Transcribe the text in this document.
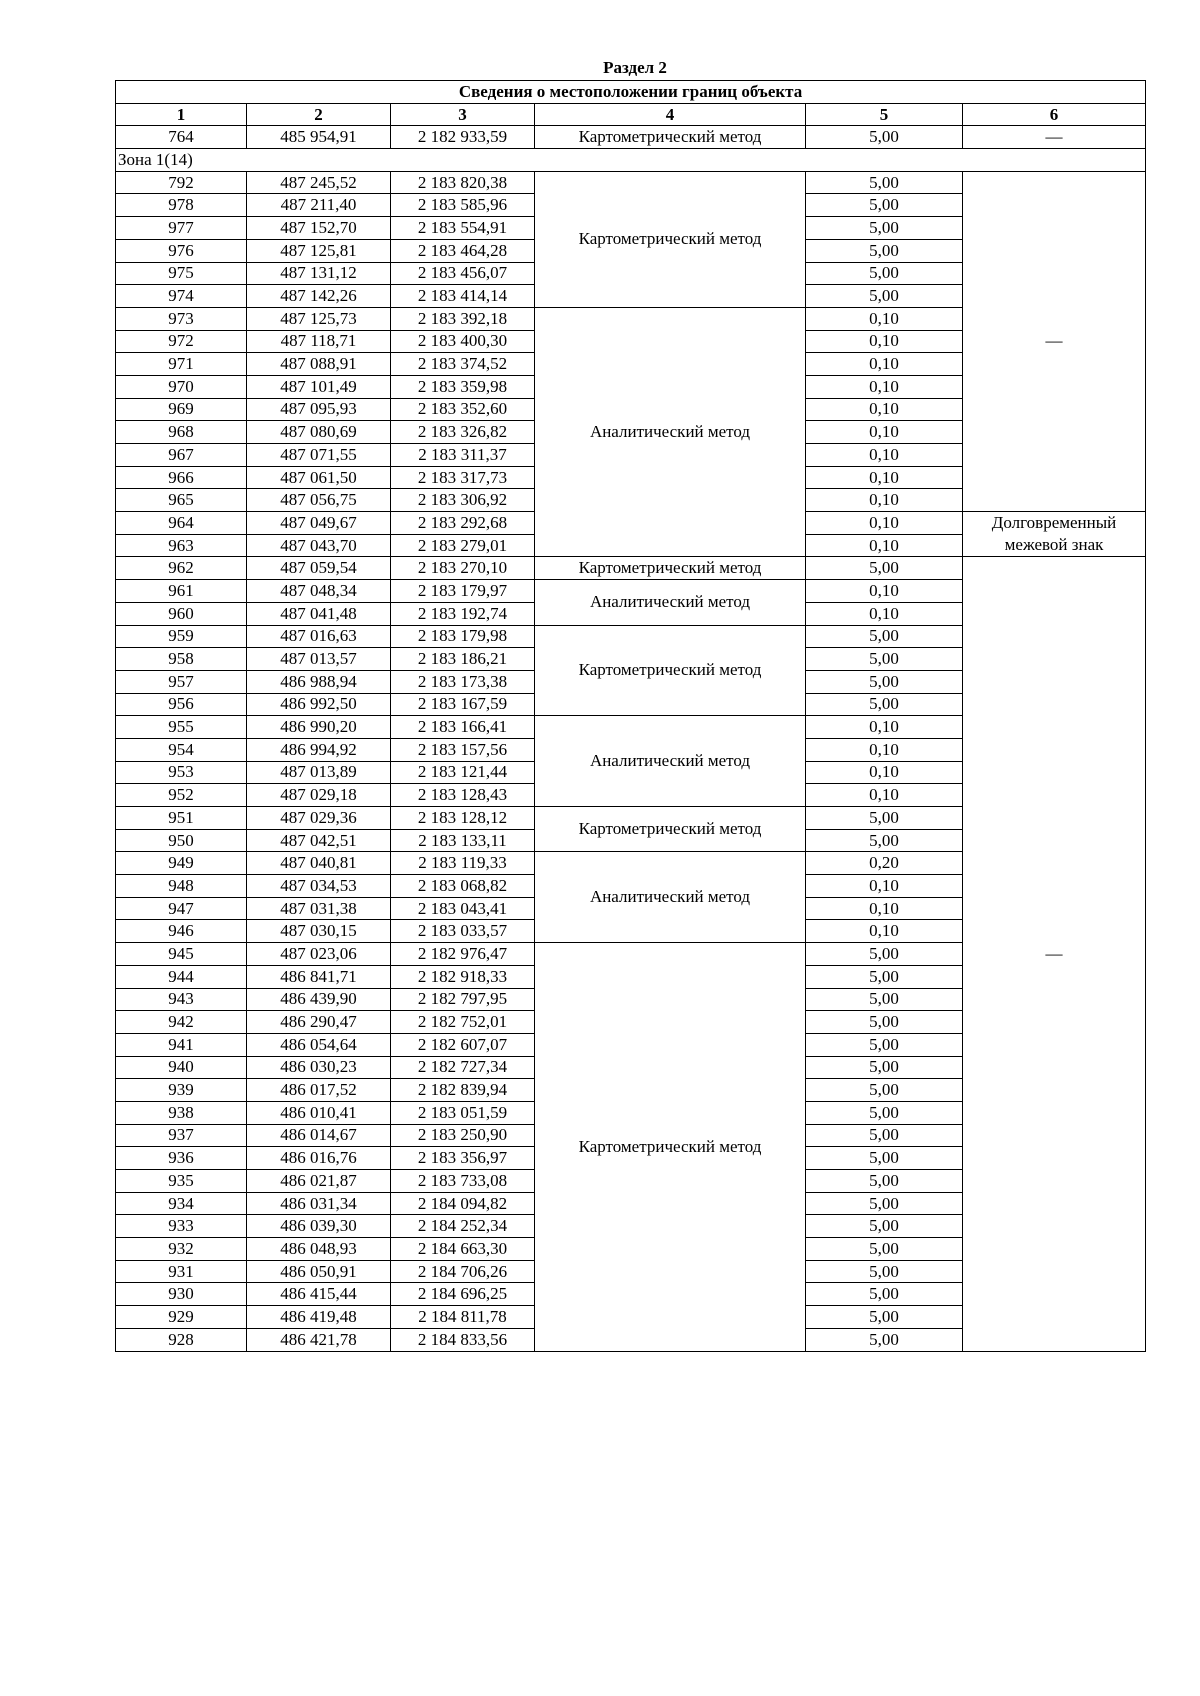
Раздел 2
Сведения о местоположении границ объекта					
1	2	3	4	5	6
764	485 954,91	2 182 933,59	Картометрический метод	5,00	—
Зона 1(14)					
792	487 245,52	2 183 820,38	Картометрический метод	5,00	—
978	487 211,40	2 183 585,96		5,00	
977	487 152,70	2 183 554,91		5,00	
976	487 125,81	2 183 464,28		5,00	
975	487 131,12	2 183 456,07		5,00	
974	487 142,26	2 183 414,14		5,00	
973	487 125,73	2 183 392,18	Аналитический метод	0,10	
972	487 118,71	2 183 400,30		0,10	
971	487 088,91	2 183 374,52		0,10	
970	487 101,49	2 183 359,98		0,10	
969	487 095,93	2 183 352,60		0,10	
968	487 080,69	2 183 326,82		0,10	
967	487 071,55	2 183 311,37		0,10	
966	487 061,50	2 183 317,73		0,10	
965	487 056,75	2 183 306,92		0,10	
964	487 049,67	2 183 292,68		0,10	Долговременный межевой знак
963	487 043,70	2 183 279,01		0,10	
962	487 059,54	2 183 270,10	Картометрический метод	5,00	—
961	487 048,34	2 183 179,97	Аналитический метод	0,10	
960	487 041,48	2 183 192,74		0,10	
959	487 016,63	2 183 179,98	Картометрический метод	5,00	
958	487 013,57	2 183 186,21		5,00	
957	486 988,94	2 183 173,38		5,00	
956	486 992,50	2 183 167,59		5,00	
955	486 990,20	2 183 166,41	Аналитический метод	0,10	
954	486 994,92	2 183 157,56		0,10	
953	487 013,89	2 183 121,44		0,10	
952	487 029,18	2 183 128,43		0,10	
951	487 029,36	2 183 128,12	Картометрический метод	5,00	
950	487 042,51	2 183 133,11		5,00	
949	487 040,81	2 183 119,33	Аналитический метод	0,20	
948	487 034,53	2 183 068,82		0,10	
947	487 031,38	2 183 043,41		0,10	
946	487 030,15	2 183 033,57		0,10	
945	487 023,06	2 182 976,47	Картометрический метод	5,00	
944	486 841,71	2 182 918,33		5,00	
943	486 439,90	2 182 797,95		5,00	
942	486 290,47	2 182 752,01		5,00	
941	486 054,64	2 182 607,07		5,00	
940	486 030,23	2 182 727,34		5,00	
939	486 017,52	2 182 839,94		5,00	
938	486 010,41	2 183 051,59		5,00	
937	486 014,67	2 183 250,90		5,00	
936	486 016,76	2 183 356,97		5,00	
935	486 021,87	2 183 733,08		5,00	
934	486 031,34	2 184 094,82		5,00	
933	486 039,30	2 184 252,34		5,00	
932	486 048,93	2 184 663,30		5,00	
931	486 050,91	2 184 706,26		5,00	
930	486 415,44	2 184 696,25		5,00	
929	486 419,48	2 184 811,78		5,00	
928	486 421,78	2 184 833,56		5,00	
